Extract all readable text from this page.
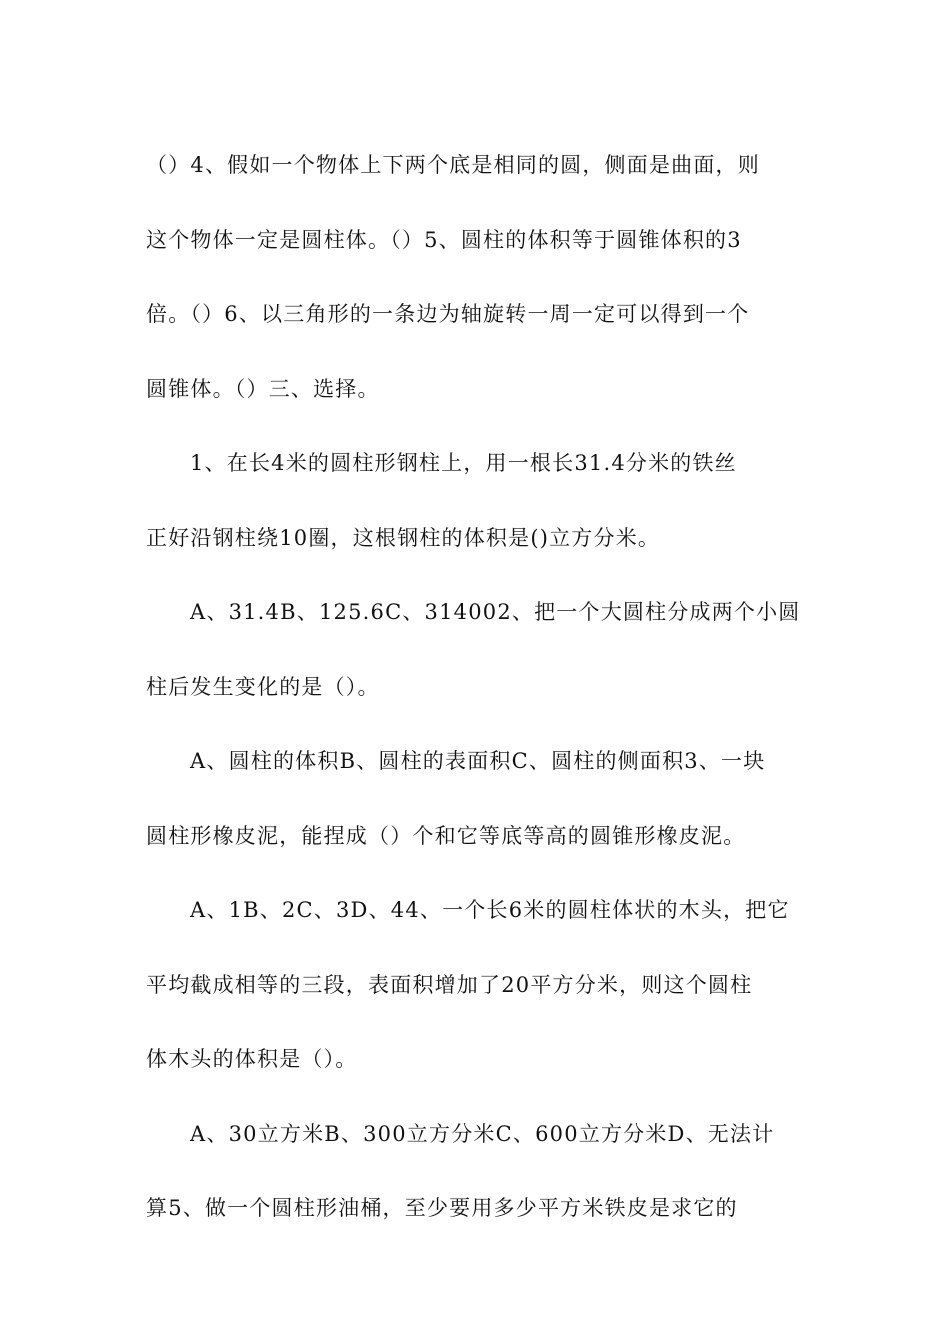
（）4、假如一个物体上下两个底是相同的圆，侧面是曲面，则
这个物体一定是圆柱体。（）5、圆柱的体积等于圆锥体积的3
倍。（）6、以三角形的一条边为轴旋转一周一定可以得到一个
圆锥体。（）三、选择。

1、在长4米的圆柱形钢柱上，用一根长31.4分米的铁丝
正好沿钢柱绕10圈，这根钢柱的体积是()立方分米。

A、31.4B、125.6C、314002、把一个大圆柱分成两个小圆
柱后发生变化的是（）。

A、圆柱的体积B、圆柱的表面积C、圆柱的侧面积3、一块
圆柱形橡皮泥，能捏成（）个和它等底等高的圆锥形橡皮泥。

A、1B、2C、3D、44、一个长6米的圆柱体状的木头，把它
平均截成相等的三段，表面积增加了20平方分米，则这个圆柱
体木头的体积是（）。

A、30立方米B、300立方分米C、600立方分米D、无法计
算5、做一个圆柱形油桶，至少要用多少平方米铁皮是求它的
